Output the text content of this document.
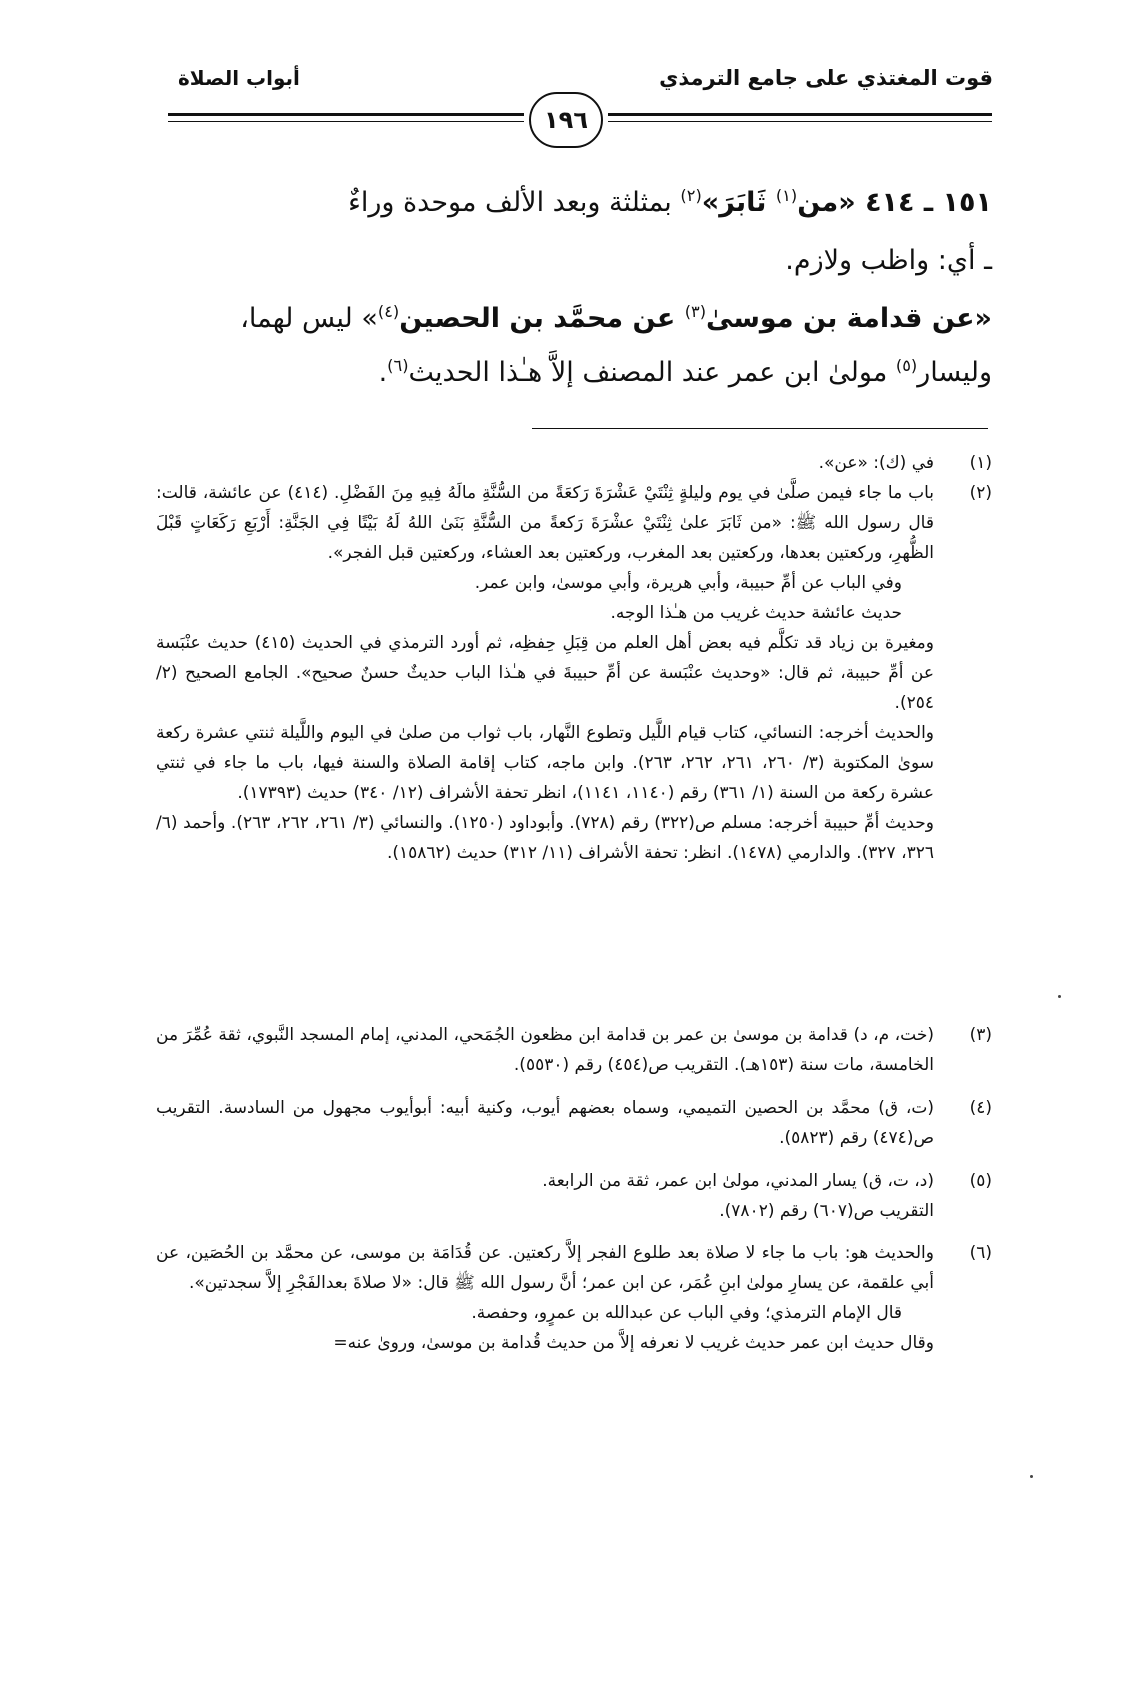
قوت المغتذي على جامع الترمذي
أبواب الصلاة
١٩٦
١٥١ ـ ٤١٤ «من$^{(١)}$ ثَابَرَ»$^{(٢)}$ بمثلثة وبعد الألف موحدة وراءٌ
ـ أي: واظب ولازم.
«عن قدامة بن موسىٰ$^{(٣)}$ عن محمَّد بن الحصين$^{(٤)}$» ليس لهما،
وليسار$^{(٥)}$ مولىٰ ابن عمر عند المصنف إلاَّ هـٰذا الحديث$^{(٦)}$.
(١)

في (ك): «عن».

(٢)

باب ما جاء فيمن صلَّىٰ في يوم وليلةٍ ثِنْتَيْ عَشْرَةَ رَكعَةً من السُّنَّةِ مالَهُ فِيهِ مِنَ الفَضْلِ. (٤١٤) عن عائشة، قالت: قال رسول الله ﷺ: «من ثَابَرَ علىٰ ثِنْتَيْ عشْرَةَ رَكعةً من السُّنَّةِ بَنَىٰ اللهُ لَهُ بَيْتًا فِي الجَنَّةِ: أَرْبَعِ رَكَعَاتٍ قَبْلَ الظُّهرِ، وركعتين بعدها، وركعتين بعد المغرب، وركعتين بعد العشاء، وركعتين قبل الفجر».

وفي الباب عن أمِّ حبيبة، وأبي هريرة، وأبي موسىٰ، وابن عمر.

حديث عائشة حديث غريب من هـٰذا الوجه.

ومغيرة بن زياد قد تكلَّم فيه بعض أهل العلم من قِبَلِ حِفظِه، ثم أورد الترمذي في الحديث (٤١٥) حديث عنْبَسة عن أمِّ حبيبة، ثم قال: «وحديث عنْبَسة عن أمِّ حبيبةَ في هـٰذا الباب حديثٌ حسنٌ صحيح». الجامع الصحيح (٢/ ٢٥٤).

والحديث أخرجه: النسائي، كتاب قيام اللَّيل وتطوع النَّهار، باب ثواب من صلىٰ في اليوم واللَّيلة ثنتي عشرة ركعة سوىٰ المكتوبة (٣/ ٢٦٠، ٢٦١، ٢٦٢، ٢٦٣). وابن ماجه، كتاب إقامة الصلاة والسنة فيها، باب ما جاء في ثنتي عشرة ركعة من السنة (١/ ٣٦١) رقم (١١٤٠، ١١٤١)، انظر تحفة الأشراف (١٢/ ٣٤٠) حديث (١٧٣٩٣).

وحديث أمِّ حبيبة أخرجه: مسلم ص(٣٢٢) رقم (٧٢٨). وأبوداود (١٢٥٠). والنسائي (٣/ ٢٦١، ٢٦٢، ٢٦٣). وأحمد (٦/ ٣٢٦، ٣٢٧). والدارمي (١٤٧٨). انظر: تحفة الأشراف (١١/ ٣١٢) حديث (١٥٨٦٢).

(٣)

(خت، م، د) قدامة بن موسىٰ بن عمر بن قدامة ابن مظعون الجُمَحي، المدني، إمام المسجد النَّبوي، ثقة عُمِّرَ من الخامسة، مات سنة (١٥٣هـ). التقريب ص(٤٥٤) رقم (٥٥٣٠).

(٤)

(ت، ق) محمَّد بن الحصين التميمي، وسماه بعضهم أيوب، وكنية أبيه: أبوأيوب مجهول من السادسة. التقريب ص(٤٧٤) رقم (٥٨٢٣).

(٥)

(د، ت، ق) يسار المدني، مولىٰ ابن عمر، ثقة من الرابعة.

التقريب ص(٦٠٧) رقم (٧٨٠٢).

(٦)

والحديث هو: باب ما جاء لا صلاة بعد طلوع الفجر إلاَّ ركعتين. عن قُدَامَة بن موسى، عن محمَّد بن الحُصَين، عن أبي علقمة، عن يسارِ مولىٰ ابنِ عُمَر، عن ابن عمر؛ أنَّ رسول الله ﷺ قال: «لا صلاةَ بعدالفَجْرِ إلاَّ سجدتين».

قال الإمام الترمذي؛ وفي الباب عن عبدالله بن عمرٍو، وحفصة.

وقال حديث ابن عمر حديث غريب لا نعرفه إلاَّ من حديث قُدامة بن موسىٰ، وروىٰ عنه=
